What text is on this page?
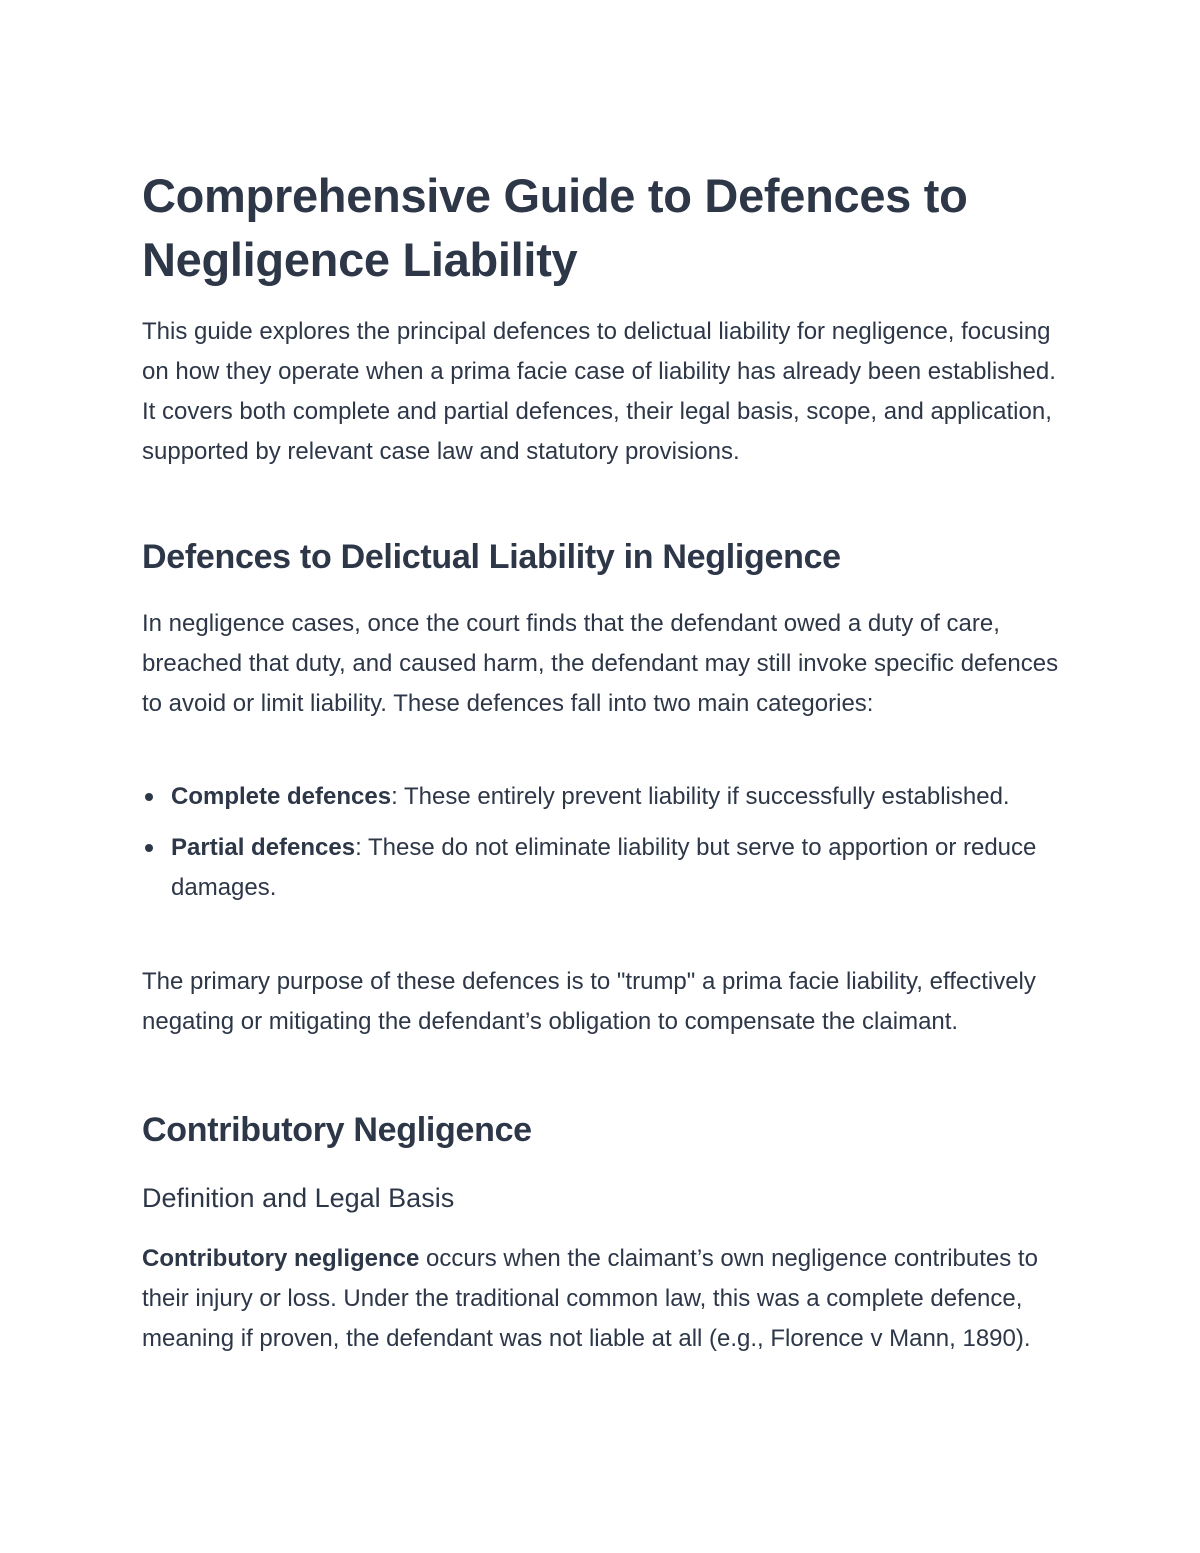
Comprehensive Guide to Defences to Negligence Liability

This guide explores the principal defences to delictual liability for negligence, focusing on how they operate when a prima facie case of liability has already been established. It covers both complete and partial defences, their legal basis, scope, and application, supported by relevant case law and statutory provisions.

Defences to Delictual Liability in Negligence

In negligence cases, once the court finds that the defendant owed a duty of care, breached that duty, and caused harm, the defendant may still invoke specific defences to avoid or limit liability. These defences fall into two main categories:

Complete defences: These entirely prevent liability if successfully established.
Partial defences: These do not eliminate liability but serve to apportion or reduce damages.

The primary purpose of these defences is to "trump" a prima facie liability, effectively negating or mitigating the defendant’s obligation to compensate the claimant.

Contributory Negligence
Definition and Legal Basis

Contributory negligence occurs when the claimant’s own negligence contributes to their injury or loss. Under the traditional common law, this was a complete defence, meaning if proven, the defendant was not liable at all (e.g., Florence v Mann, 1890).
